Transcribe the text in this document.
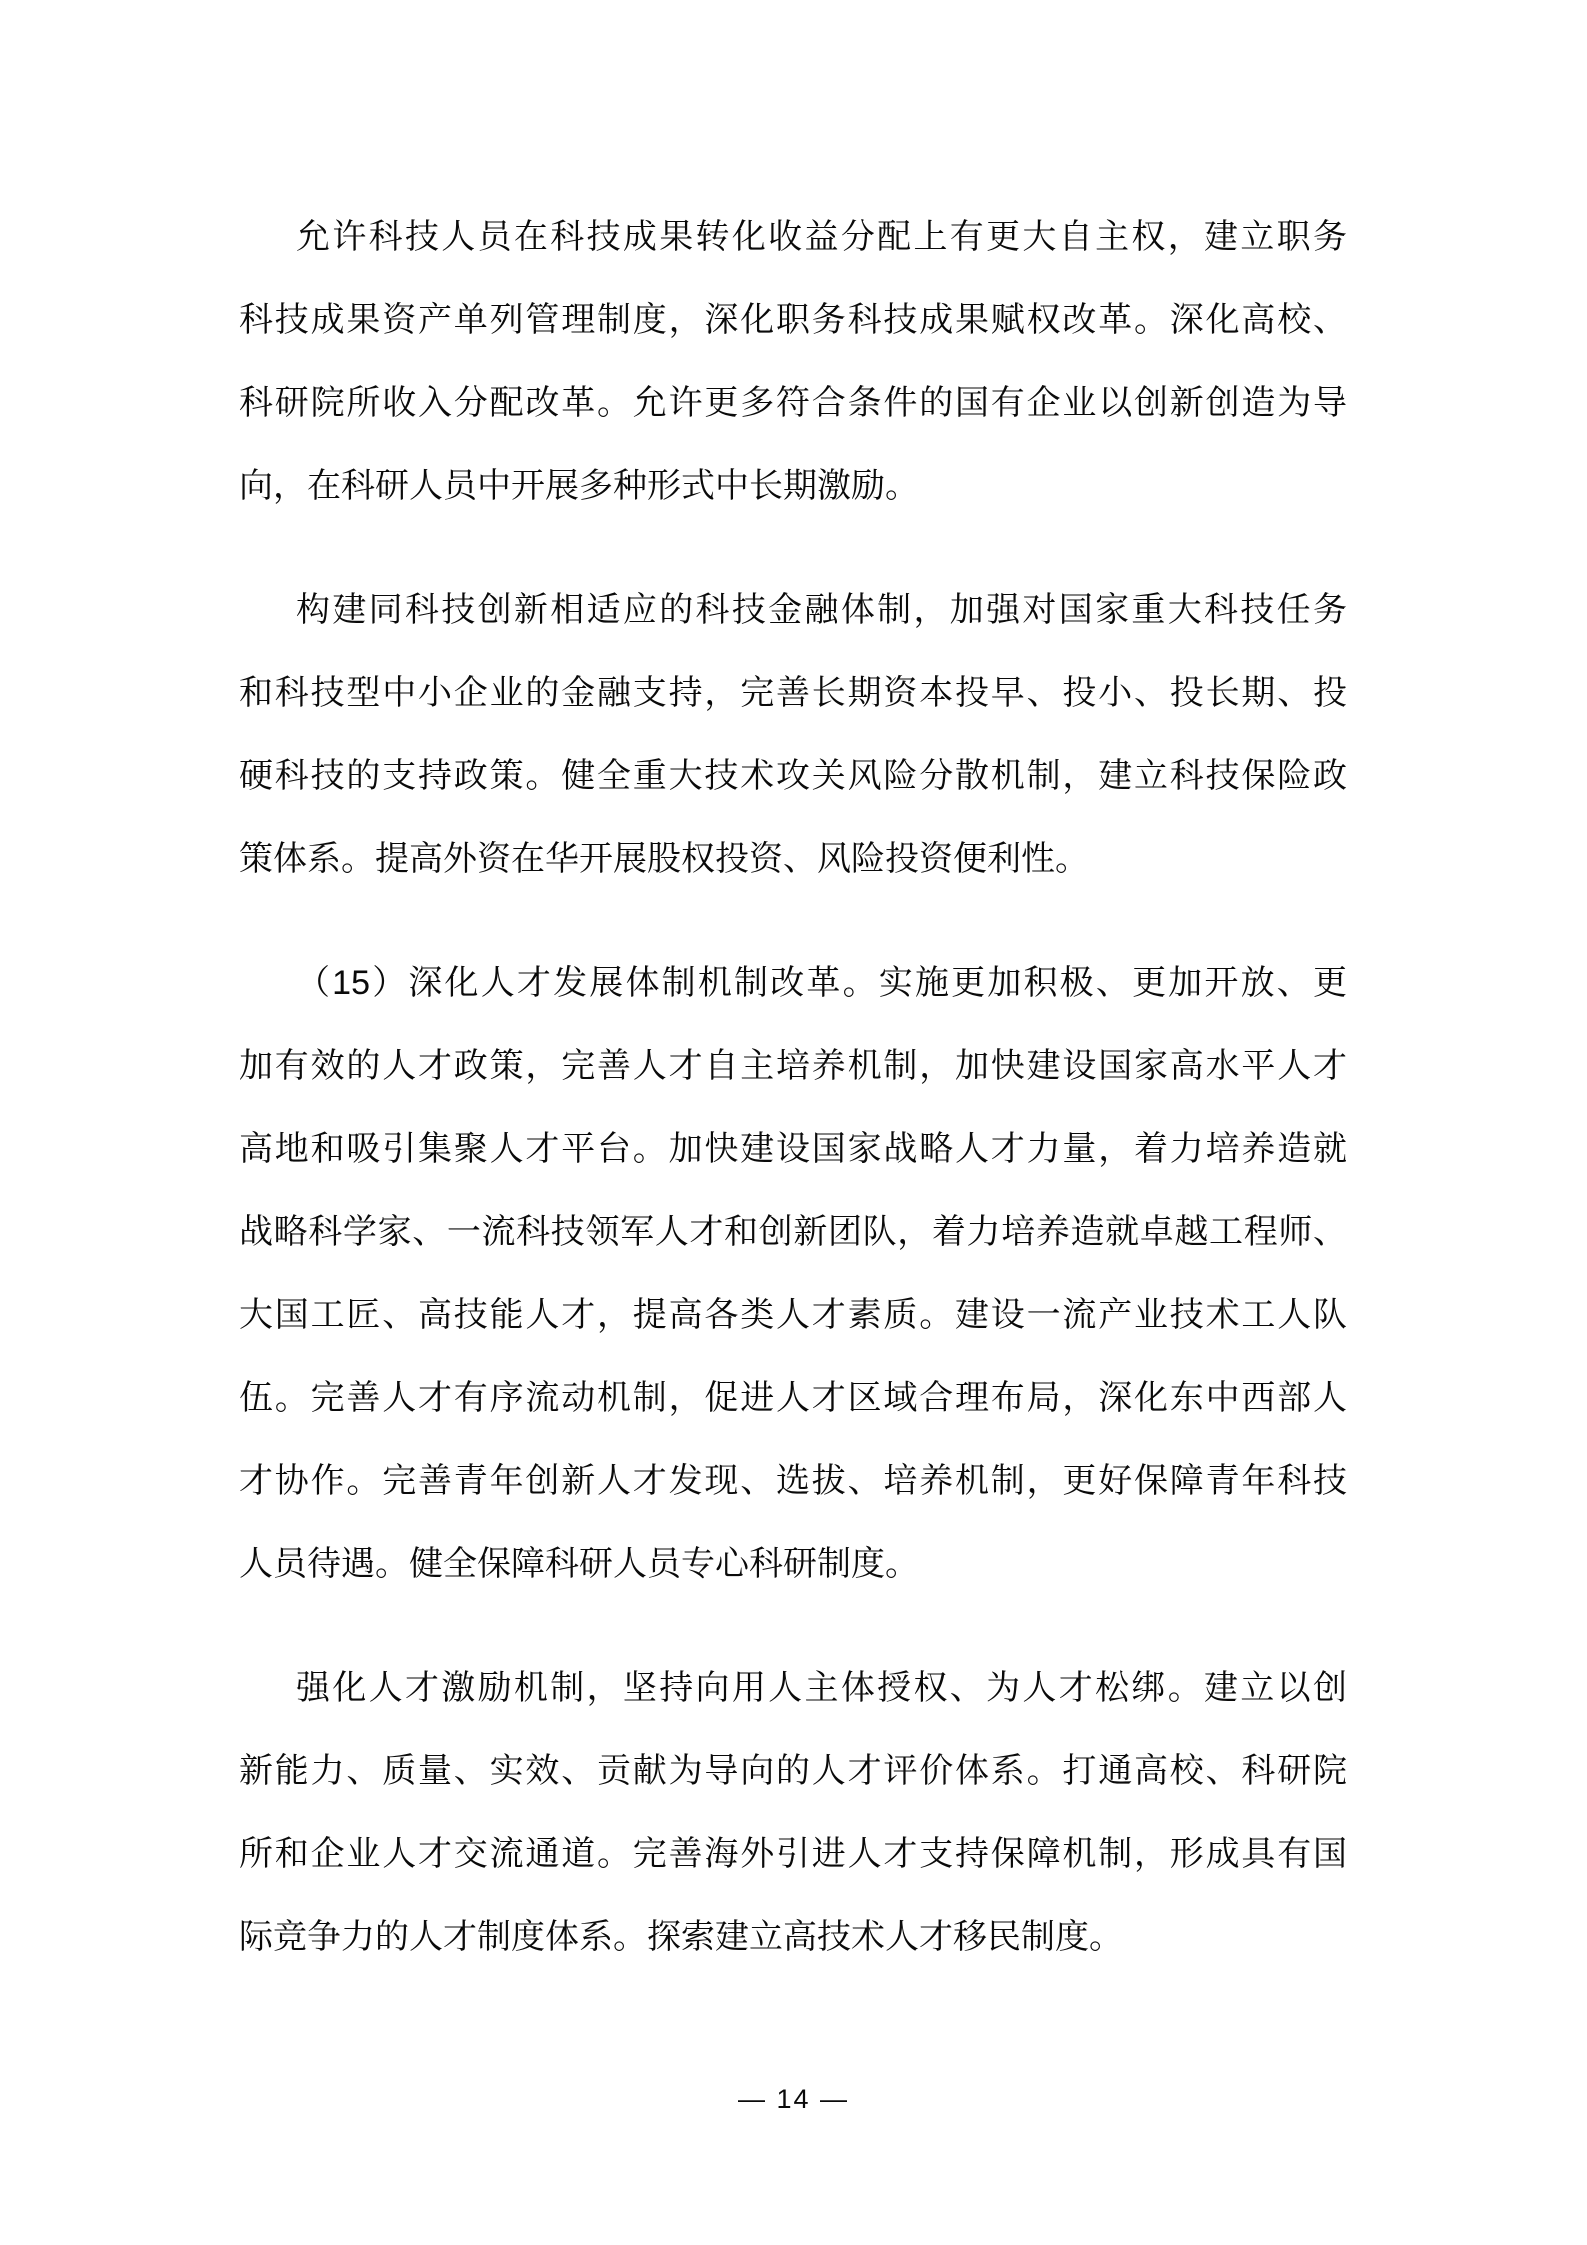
允许科技人员在科技成果转化收益分配上有更大自主权，建立职务
科技成果资产单列管理制度，深化职务科技成果赋权改革。深化高校、
科研院所收入分配改革。允许更多符合条件的国有企业以创新创造为导
向，在科研人员中开展多种形式中长期激励。
构建同科技创新相适应的科技金融体制，加强对国家重大科技任务
和科技型中小企业的金融支持，完善长期资本投早、投小、投长期、投
硬科技的支持政策。健全重大技术攻关风险分散机制，建立科技保险政
策体系。提高外资在华开展股权投资、风险投资便利性。
（15）深化人才发展体制机制改革。实施更加积极、更加开放、更
加有效的人才政策，完善人才自主培养机制，加快建设国家高水平人才
高地和吸引集聚人才平台。加快建设国家战略人才力量，着力培养造就
战略科学家、一流科技领军人才和创新团队，着力培养造就卓越工程师、
大国工匠、高技能人才，提高各类人才素质。建设一流产业技术工人队
伍。完善人才有序流动机制，促进人才区域合理布局，深化东中西部人
才协作。完善青年创新人才发现、选拔、培养机制，更好保障青年科技
人员待遇。健全保障科研人员专心科研制度。
强化人才激励机制，坚持向用人主体授权、为人才松绑。建立以创
新能力、质量、实效、贡献为导向的人才评价体系。打通高校、科研院
所和企业人才交流通道。完善海外引进人才支持保障机制，形成具有国
际竞争力的人才制度体系。探索建立高技术人才移民制度。
— 14 —
